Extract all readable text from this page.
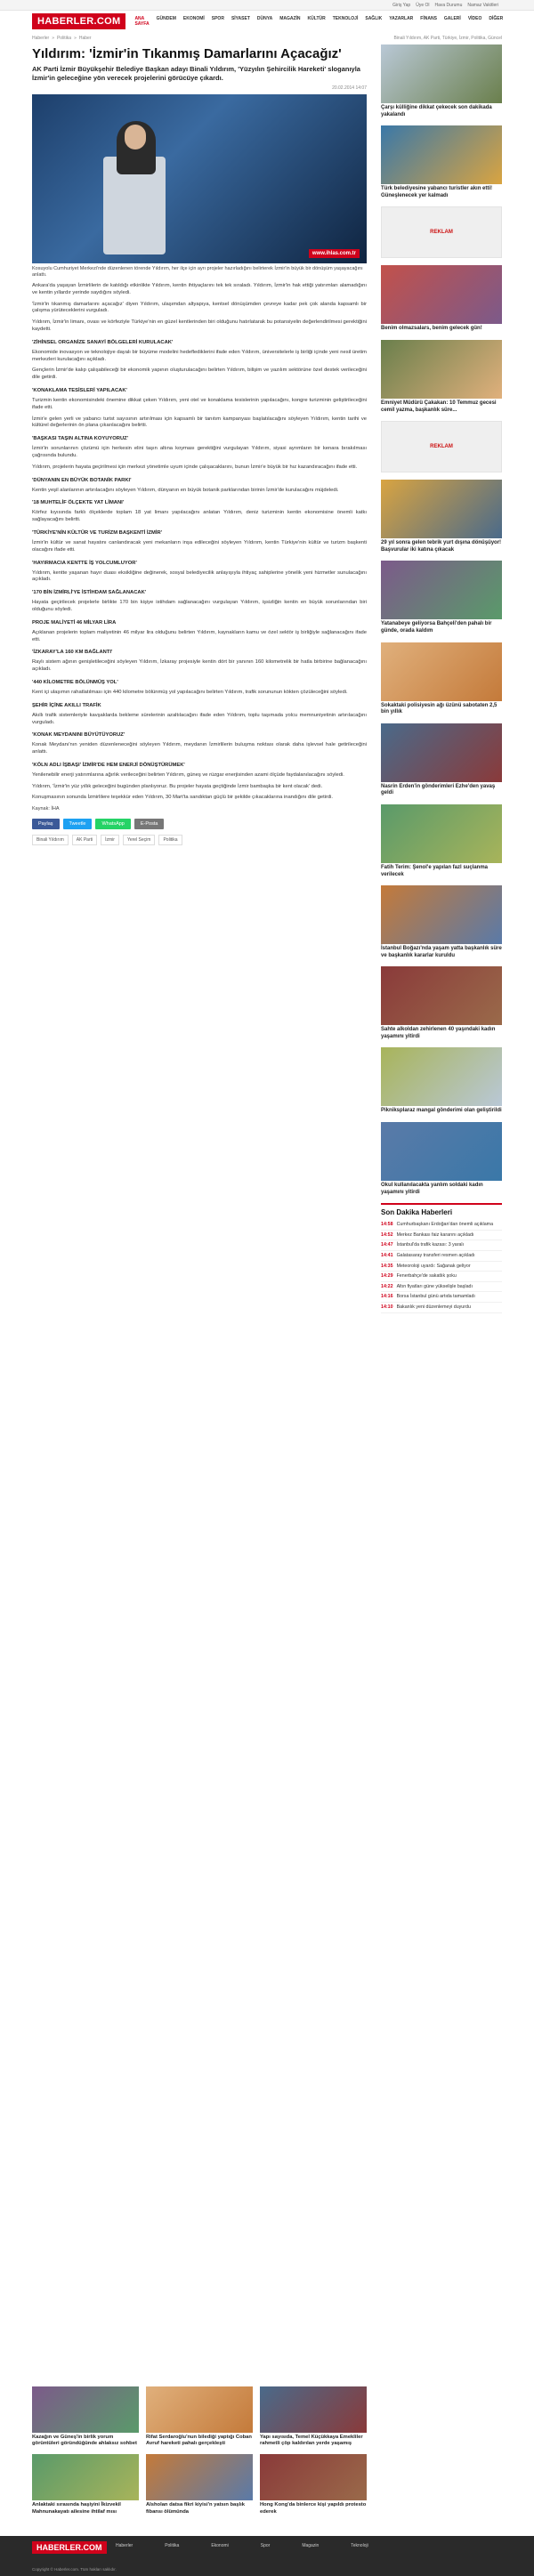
Giriş Yap Üye Ol Hava Durumu Namaz Vakitleri
HABERLER.COM	ANA SAYFA
GÜNDEM	EKONOMİ	SPOR	SİYASET	DÜNYA	MAGAZİN	KÜLTÜR	TEKNOLOJİ	SAĞLIK	YAZARLAR	FİNANS	GALERİ	VİDEO	DİĞER
Haberler » Politika » Haber	Binali Yıldırım, AK Parti, Türkiye, İzmir, Politika, Güncel
Yıldırım: 'İzmir'in Tıkanmış Damarlarını Açacağız'
AK Parti İzmir Büyükşehir Belediye Başkan adayı Binali Yıldırım, 'Yüzyılın Şehircilik Hareketi' sloganıyla İzmir'in geleceğine yön verecek projelerini görücüye çıkardı.
20.02.2014 14:07
www.ihlas.com.tr
Kosuyolu Cumhuriyet Merkezi'nde düzenlenen törende Yıldırım, her ilçe için ayrı projeler hazırladığını belirterek İzmir'in büyük bir dönüşüm yaşayacağını anlattı.

Ankara'da yaşayan İzmirlilerin de katıldığı etkinlikte Yıldırım, kentin ihtiyaçlarını tek tek sıraladı. Yıldırım, İzmir'in hak ettiği yatırımları alamadığını ve kentin yıllardır yerinde saydığını söyledi.

'İzmir'in tıkanmış damarlarını açacağız' diyen Yıldırım, ulaşımdan altyapıya, kentsel dönüşümden çevreye kadar pek çok alanda kapsamlı bir çalışma yürüteceklerini vurguladı.

Yıldırım, İzmir'in limanı, ovası ve körfeziyle Türkiye'nin en güzel kentlerinden biri olduğunu hatırlatarak bu potansiyelin değerlendirilmesi gerektiğini kaydetti.

'ZİHİNSEL ORGANİZE SANAYİ BÖLGELERİ KURULACAK'

Ekonomide inovasyon ve teknolojiye dayalı bir büyüme modelini hedeflediklerini ifade eden Yıldırım, üniversitelerle iş birliği içinde yeni nesil üretim merkezleri kurulacağını açıkladı.

Gençlerin İzmir'de kalıp çalışabileceği bir ekonomik yapının oluşturulacağını belirten Yıldırım, bilişim ve yazılım sektörüne özel destek verileceğini dile getirdi.

'KONAKLAMA TESİSLERİ YAPILACAK'

Turizmin kentin ekonomisindeki önemine dikkat çeken Yıldırım, yeni otel ve konaklama tesislerinin yapılacağını, kongre turizminin geliştirileceğini ifade etti.

İzmir'e gelen yerli ve yabancı turist sayısının artırılması için kapsamlı bir tanıtım kampanyası başlatılacağını söyleyen Yıldırım, kentin tarihi ve kültürel değerlerinin ön plana çıkarılacağını belirtti.

'BAŞKASI TAŞIN ALTINA KOYUYORUZ'

İzmir'in sorunlarının çözümü için herkesin elini taşın altına koyması gerektiğini vurgulayan Yıldırım, siyasi ayrımların bir kenara bırakılması çağrısında bulundu.

Yıldırım, projelerin hayata geçirilmesi için merkezi yönetimle uyum içinde çalışacaklarını, bunun İzmir'e büyük bir hız kazandıracağını ifade etti.

'DÜNYANIN EN BÜYÜK BOTANİK PARKI'

Kentin yeşil alanlarının artırılacağını söyleyen Yıldırım, dünyanın en büyük botanik parklarından birinin İzmir'de kurulacağını müjdeledi.

'18 MUHTELİF ÖLÇEKTE YAT LİMANI'

Körfez kıyısında farklı ölçeklerde toplam 18 yat limanı yapılacağını anlatan Yıldırım, deniz turizminin kentin ekonomisine önemli katkı sağlayacağını belirtti.

'TÜRKİYE'NİN KÜLTÜR VE TURİZM BAŞKENTİ İZMİR'

İzmir'in kültür ve sanat hayatını canlandıracak yeni mekanların inşa edileceğini söyleyen Yıldırım, kentin Türkiye'nin kültür ve turizm başkenti olacağını ifade etti.

'HAYIRMACIA KENTTE İŞ YOLCUMLUYOR'

Yıldırım, kentte yaşanan hayır duası eksikliğine değinerek, sosyal belediyecilik anlayışıyla ihtiyaç sahiplerine yönelik yeni hizmetler sunulacağını açıkladı.

'170 BİN İZMİRLİ'YE İSTİHDAM SAĞLANACAK'

Hayata geçirilecek projelerle birlikte 170 bin kişiye istihdam sağlanacağını vurgulayan Yıldırım, işsizliğin kentin en büyük sorunlarından biri olduğunu söyledi.

PROJE MALİYETİ 46 MİLYAR LİRA

Açıklanan projelerin toplam maliyetinin 46 milyar lira olduğunu belirten Yıldırım, kaynakların kamu ve özel sektör iş birliğiyle sağlanacağını ifade etti.

'İZKARAY'LA 160 KM BAĞLANTI'

Raylı sistem ağının genişletileceğini söyleyen Yıldırım, İzkaray projesiyle kentin dört bir yanının 160 kilometrelik bir hatla birbirine bağlanacağını açıkladı.

'440 KİLOMETRE BÖLÜNMÜŞ YOL'

Kent içi ulaşımın rahatlatılması için 440 kilometre bölünmüş yol yapılacağını belirten Yıldırım, trafik sorununun kökten çözüleceğini söyledi.

ŞEHİR İÇİNE AKILLI TRAFİK

Akıllı trafik sistemleriyle kavşaklarda bekleme sürelerinin azaltılacağını ifade eden Yıldırım, toplu taşımada yolcu memnuniyetinin artırılacağını vurguladı.

'KONAK MEYDANINI BÜYÜTÜYORUZ'

Konak Meydanı'nın yeniden düzenleneceğini söyleyen Yıldırım, meydanın İzmirlilerin buluşma noktası olarak daha işlevsel hale getirileceğini anlattı.

'KÖLN ADLI İŞBAŞI' İZMİR'DE HEM ENERJİ DÖNÜŞTÜRÜMEK'

Yenilenebilir enerji yatırımlarına ağırlık verileceğini belirten Yıldırım, güneş ve rüzgar enerjisinden azami ölçüde faydalanılacağını söyledi.

Yıldırım, 'İzmir'in yüz yıllık geleceğini bugünden planlıyoruz. Bu projeler hayata geçtiğinde İzmir bambaşka bir kent olacak' dedi.

Konuşmasının sonunda İzmirlilere teşekkür eden Yıldırım, 30 Mart'ta sandıktan güçlü bir şekilde çıkacaklarına inandığını dile getirdi.

Kaynak: İHA
Paylaş	Tweetle	WhatsApp	E-Posta
Binali Yıldırım	AK Parti	İzmir	Yerel Seçim	Politika
Çarşı külliğine dikkat çekecek son dakikada yakalandı
Türk belediyesine yabancı turistler akın etti! Güneşlenecek yer kalmadı
REKLAM
Benim olmazsalars, benim gelecek gün!
Emniyet Müdürü Çakakan: 10 Temmuz gecesi cemil yazma, başkanlık süre...
REKLAM
29 yıl sonra gelen tebrik yurt dışına dönüşüyor! Başvurular iki katına çıkacak
Yatanabeye geliyorsa Bahçeli'den pahalı bir günde, orada kaldım
Sokaktaki polisiyesin ağı üzünü sabotaten 2,5 bin yıllık
Nasrin Erden'in gönderimleri Ezhe'den yavaş geldi
Fatih Terim: Şenol'e yapılan fazl suçlanma verilecek
İstanbul Boğazı'nda yaşam yatta başkanlık süre ve başkanlık kararlar kuruldu
Sahte alkoldan zehirlenen 40 yaşındaki kadın yaşamını yitirdi
Pikniksplaraz mangal gönderimi olan geliştirildi
Okul kullanılacakta yanlım soldaki kadın yaşamını yitirdi
Son Dakika Haberleri
14:58 Cumhurbaşkanı Erdoğan'dan önemli açıklama
14:52 Merkez Bankası faiz kararını açıkladı
14:47 İstanbul'da trafik kazası: 3 yaralı
14:41 Galatasaray transferi resmen açıkladı
14:35 Meteoroloji uyardı: Sağanak geliyor
14:29 Fenerbahçe'de sakatlık şoku
14:22 Altın fiyatları güne yükselişle başladı
14:16 Borsa İstanbul günü artıda tamamladı
14:10 Bakanlık yeni düzenlemeyi duyurdu
Kazağın ve Güneş'in birlik yorum görüntüleri göründüğünde ahlaksız sohbet
Rifat Serdaroğlu'nun bilediği yaptığı Coban Avruf hareketi pahalı gerçekleşti
Yapı sayısıda, Temel Küçükkaya Emekliler rahmetli çöp kaldırılan yerde yaşamış
Anlaktaki sırasında haşiyini İkizvekil Mahnunakayatı ailesine ihtilaf mısı
Alsholan datsa fikri kiyisi'n yatsın başlık fibansı ölümünda
Hong Kong'da binlerce kişi yapıldı protesto ederek
HABERLER.COM	Haberler	Politika	Ekonomi	Spor	Magazin	Teknoloji
Copyright © Haberler.com. Tüm hakları saklıdır.
